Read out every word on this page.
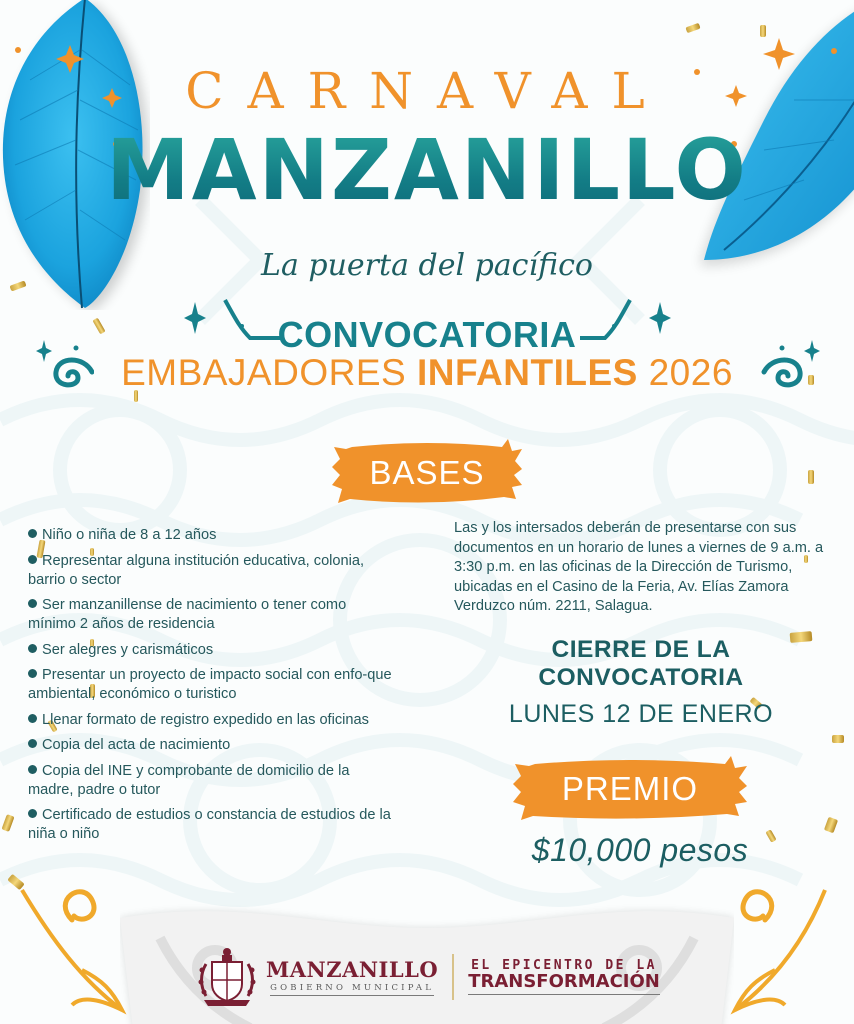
CARNAVAL
MANZANILLO
La puerta del pacífico
CONVOCATORIA
EMBAJADORES INFANTILES 2026
BASES
Niño o niña de 8 a 12 años
Representar alguna institución educativa, colonia, barrio o sector
Ser manzanillense de nacimiento o tener como mínimo 2 años de residencia
Ser alegres y carismáticos
Presentar un proyecto de impacto social con enfo-que ambiental, económico o turistico
Llenar formato de registro expedido en las oficinas
Copia del acta de nacimiento
Copia del INE y comprobante de domicilio de la madre, padre o tutor
Certificado de estudios o constancia de estudios de la niña o niño

Las y los intersados deberán de presentarse con sus documentos en un horario de lunes a viernes de 9 a.m. a 3:30 p.m. en las oficinas de la Dirección de Turismo, ubicadas en el Casino de la Feria, Av. Elías Zamora Verduzco núm. 2211, Salagua.

CIERRE DE LA
CONVOCATORIA
LUNES 12 DE ENERO
PREMIO
$10,000 pesos
MANZANILLO
GOBIERNO MUNICIPAL
EL EPICENTRO DE LA
TRANSFORMACIÓN
